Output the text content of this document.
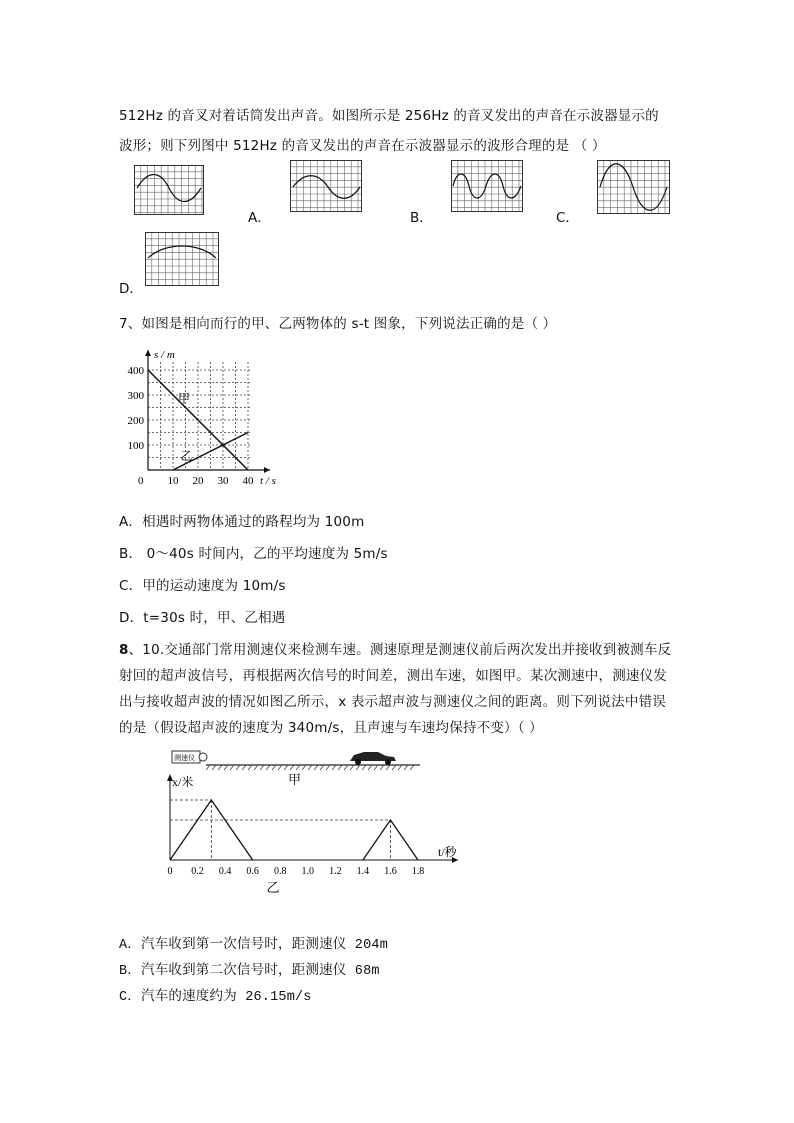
512Hz 的音叉对着话筒发出声音。如图所示是 256Hz 的音叉发出的声音在示波器显示的
波形；则下列图中 512Hz 的音叉发出的声音在示波器显示的波形合理的是 （ ）
A．	B．	C．
D．
7、如图是相向而行的甲、乙两物体的 s-t 图象，下列说法正确的是（ ）
10 20 30 40
100
200
300
400
s / m
t / s
0
甲
乙
A．相遇时两物体通过的路程均为 100m
B． 0～40s 时间内，乙的平均速度为 5m/s
C．甲的运动速度为 10m/s
D．t=30s 时，甲、乙相遇
8、10.交通部门常用测速仪来检测车速。测速原理是测速仪前后两次发出并接收到被测车反
射回的超声波信号，再根据两次信号的时间差，测出车速，如图甲。某次测速中，测速仪发
出与接收超声波的情况如图乙所示，x 表示超声波与测速仪之间的距离。则下列说法中错误
的是（假设超声波的速度为 340m/s，且声速与车速均保持不变）（ ）
测速仪
甲
0 0.2 0.4 0.6 0.8 1.0 1.2 1.4 1.6 1.8
x/米
t/秒
乙
A．汽车收到第一次信号时，距测速仪 204m
B．汽车收到第二次信号时，距测速仪 68m
C．汽车的速度约为 26.15m/s
